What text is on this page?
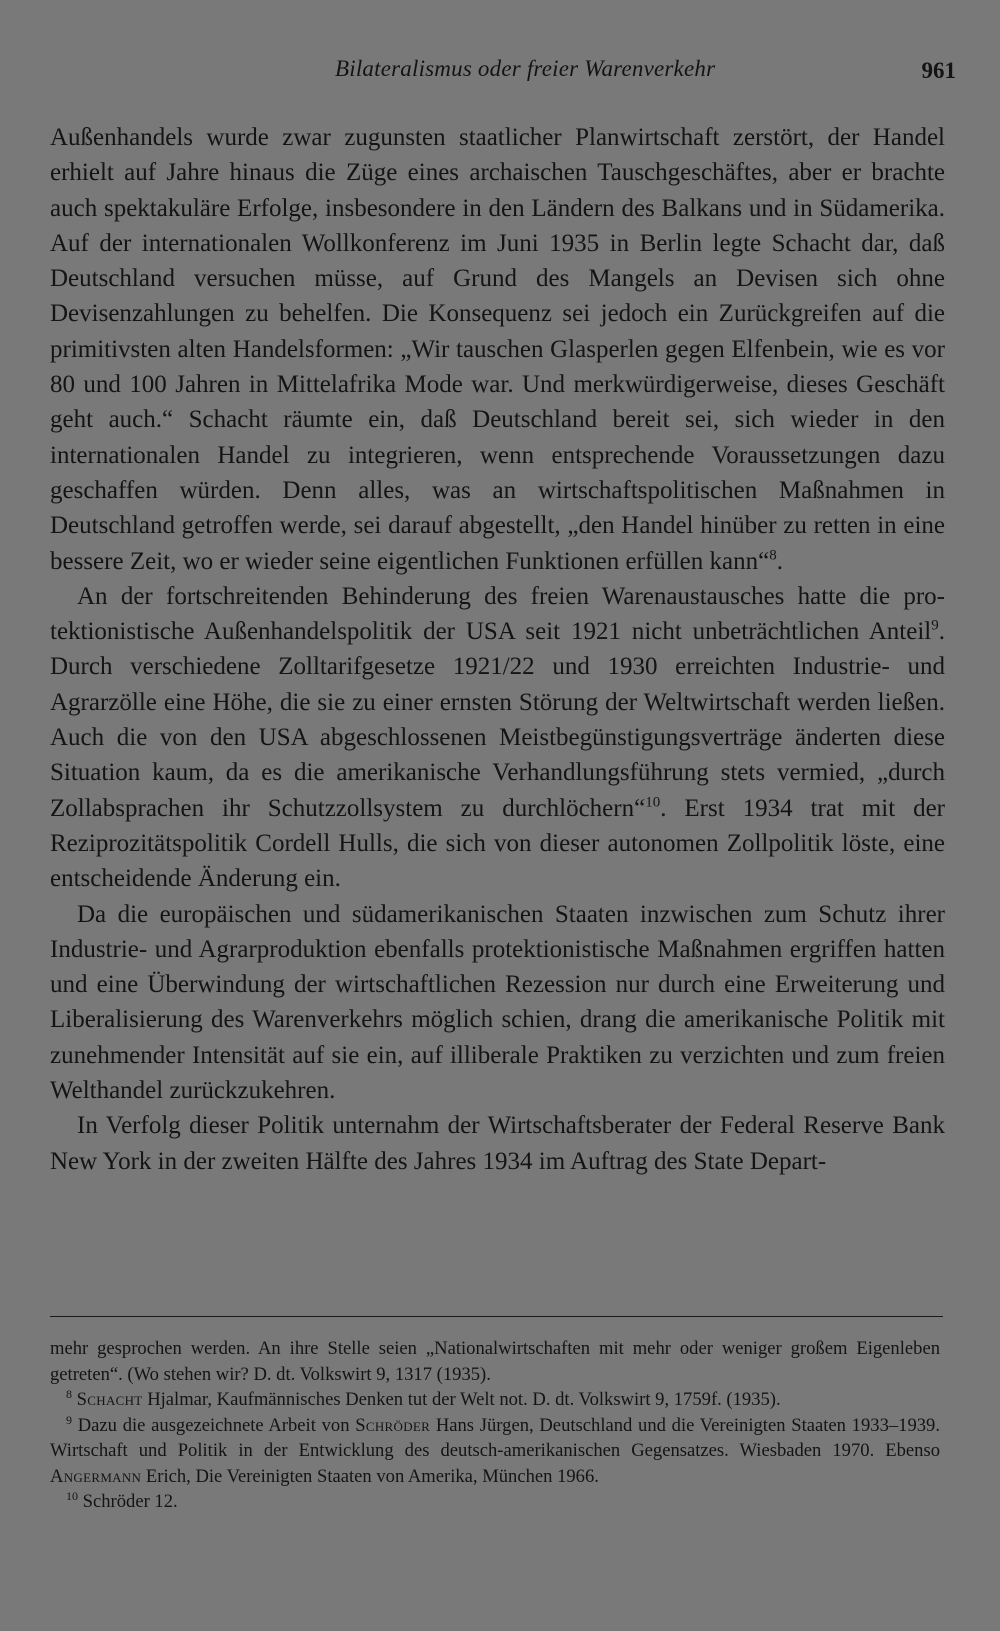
Bilateralismus oder freier Warenverkehr	961

Außenhandels wurde zwar zugunsten staatlicher Planwirtschaft zerstört, der Handel erhielt auf Jahre hinaus die Züge eines archaischen Tauschgeschäftes, aber er brachte auch spektakuläre Erfolge, insbesondere in den Ländern des Balkans und in Südamerika. Auf der internationalen Wollkonferenz im Juni 1935 in Berlin legte Schacht dar, daß Deutschland versuchen müsse, auf Grund des Mangels an Devisen sich ohne Devisenzahlungen zu behelfen. Die Konsequenz sei jedoch ein Zurückgreifen auf die primitivsten alten Handelsformen: „Wir tauschen Glasperlen gegen Elfenbein, wie es vor 80 und 100 Jahren in Mittelafrika Mode war. Und merkwürdigerweise, dieses Geschäft geht auch.“ Schacht räumte ein, daß Deutschland bereit sei, sich wieder in den internationalen Handel zu integrieren, wenn entsprechende Voraussetzungen dazu geschaffen würden. Denn alles, was an wirtschaftspolitischen Maßnahmen in Deutschland getroffen werde, sei darauf abgestellt, „den Handel hinüber zu retten in eine bessere Zeit, wo er wieder seine eigentlichen Funktionen erfüllen kann“$^8$.

An der fortschreitenden Behinderung des freien Warenaustausches hatte die protektionistische Außenhandelspolitik der USA seit 1921 nicht unbeträchtlichen Anteil$^9$. Durch verschiedene Zolltarifgesetze 1921/22 und 1930 erreichten Industrie- und Agrarzölle eine Höhe, die sie zu einer ernsten Störung der Weltwirtschaft werden ließen. Auch die von den USA abgeschlossenen Meistbegünstigungsverträge änderten diese Situation kaum, da es die amerikanische Verhandlungsführung stets vermied, „durch Zollabsprachen ihr Schutzzollsystem zu durchlöchern“$^{10}$. Erst 1934 trat mit der Reziprozitätspolitik Cordell Hulls, die sich von dieser autonomen Zollpolitik löste, eine entscheidende Änderung ein.

Da die europäischen und südamerikanischen Staaten inzwischen zum Schutz ihrer Industrie- und Agrarproduktion ebenfalls protektionistische Maßnahmen ergriffen hatten und eine Überwindung der wirtschaftlichen Rezession nur durch eine Erweiterung und Liberalisierung des Warenverkehrs möglich schien, drang die amerikanische Politik mit zunehmender Intensität auf sie ein, auf illiberale Praktiken zu verzichten und zum freien Welthandel zurückzukehren.

In Verfolg dieser Politik unternahm der Wirtschaftsberater der Federal Reserve Bank New York in der zweiten Hälfte des Jahres 1934 im Auftrag des State Depart-

mehr gesprochen werden. An ihre Stelle seien „Nationalwirtschaften mit mehr oder weniger großem Eigenleben getreten“. (Wo stehen wir? D. dt. Volkswirt 9, 1317 (1935).

$^8$ Schacht Hjalmar, Kaufmännisches Denken tut der Welt not. D. dt. Volkswirt 9, 1759f. (1935).

$^9$ Dazu die ausgezeichnete Arbeit von Schröder Hans Jürgen, Deutschland und die Vereinigten Staaten 1933–1939. Wirtschaft und Politik in der Entwicklung des deutsch-amerikanischen Gegensatzes. Wiesbaden 1970. Ebenso Angermann Erich, Die Vereinigten Staaten von Amerika, München 1966.

$^{10}$ Schröder 12.
